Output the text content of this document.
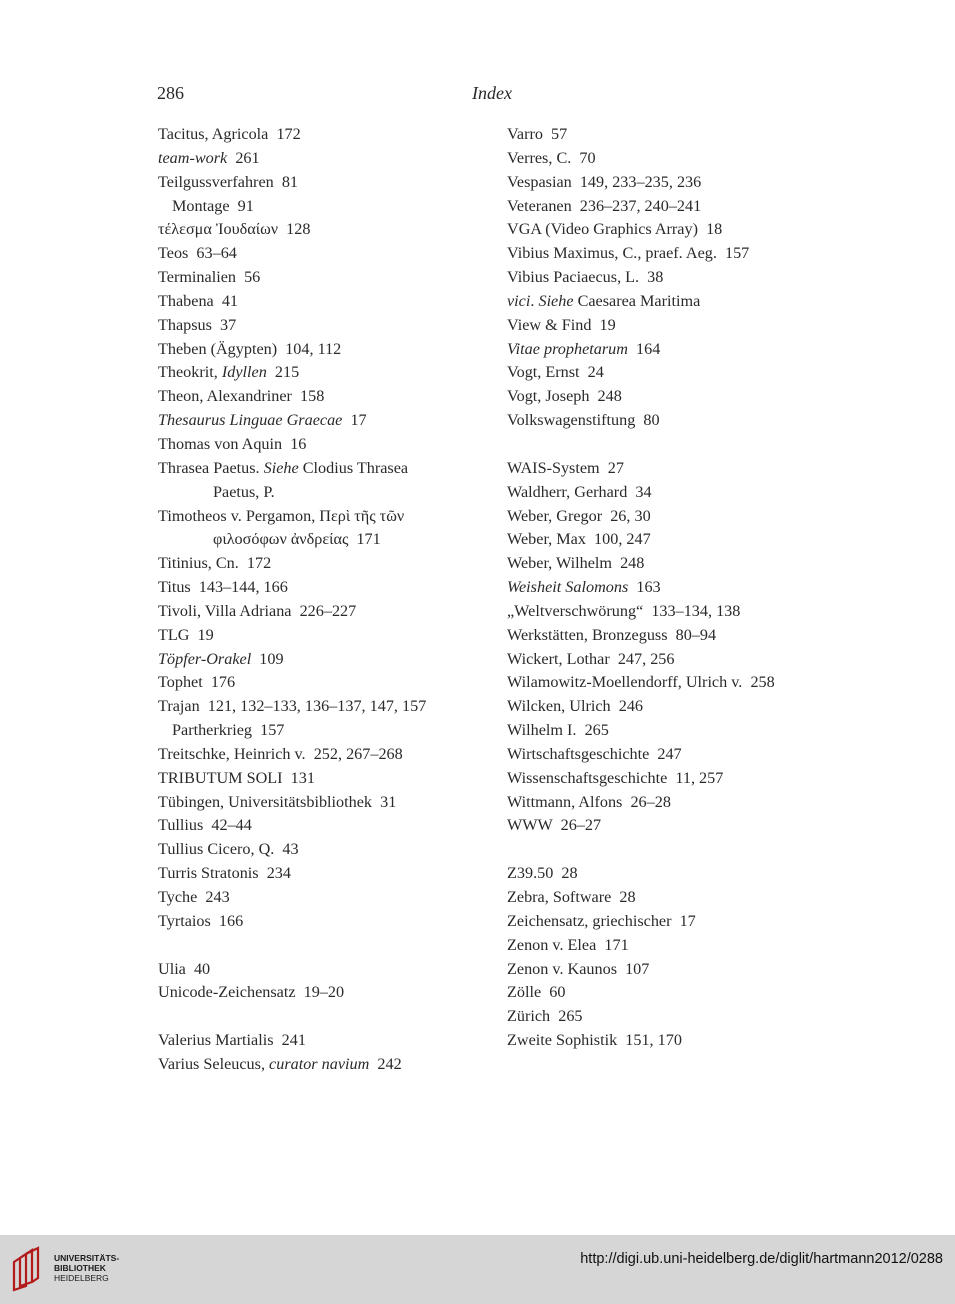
286	Index
Tacitus, Agricola  172
team-work  261
Teilgussverfahren  81
Montage  91
τέλεσμα Ἰουδαίων  128
Teos  63–64
Terminalien  56
Thabena  41
Thapsus  37
Theben (Ägypten)  104, 112
Theokrit, Idyllen  215
Theon, Alexandriner  158
Thesaurus Linguae Graecae  17
Thomas von Aquin  16
Thrasea Paetus. Siehe Clodius Thrasea
Paetus, P.
Timotheos v. Pergamon, Περὶ τῆς τῶν
φιλοσόφων ἀνδρείας  171
Titinius, Cn.  172
Titus  143–144, 166
Tivoli, Villa Adriana  226–227
TLG  19
Töpfer-Orakel  109
Tophet  176
Trajan  121, 132–133, 136–137, 147, 157
Partherkrieg  157
Treitschke, Heinrich v.  252, 267–268
TRIBUTUM SOLI  131
Tübingen, Universitätsbibliothek  31
Tullius  42–44
Tullius Cicero, Q.  43
Turris Stratonis  234
Tyche  243
Tyrtaios  166
Ulia  40
Unicode-Zeichensatz  19–20
Valerius Martialis  241
Varius Seleucus, curator navium  242
Varro  57
Verres, C.  70
Vespasian  149, 233–235, 236
Veteranen  236–237, 240–241
VGA (Video Graphics Array)  18
Vibius Maximus, C., praef. Aeg.  157
Vibius Paciaecus, L.  38
vici. Siehe Caesarea Maritima
View & Find  19
Vitae prophetarum  164
Vogt, Ernst  24
Vogt, Joseph  248
Volkswagenstiftung  80
WAIS-System  27
Waldherr, Gerhard  34
Weber, Gregor  26, 30
Weber, Max  100, 247
Weber, Wilhelm  248
Weisheit Salomons  163
„Weltverschwörung“  133–134, 138
Werkstätten, Bronzeguss  80–94
Wickert, Lothar  247, 256
Wilamowitz-Moellendorff, Ulrich v.  258
Wilcken, Ulrich  246
Wilhelm I.  265
Wirtschaftsgeschichte  247
Wissenschaftsgeschichte  11, 257
Wittmann, Alfons  26–28
WWW  26–27
Z39.50  28
Zebra, Software  28
Zeichensatz, griechischer  17
Zenon v. Elea  171
Zenon v. Kaunos  107
Zölle  60
Zürich  265
Zweite Sophistik  151, 170
UNIVERSITÄTS-
BIBLIOTHEK
HEIDELBERG
http://digi.ub.uni-heidelberg.de/diglit/hartmann2012/0288
